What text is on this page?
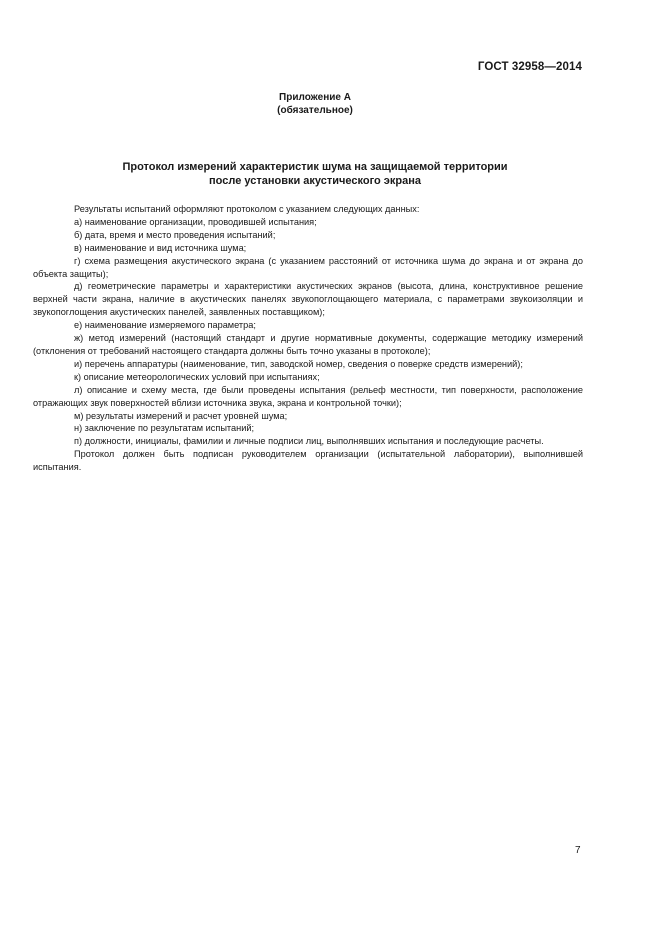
ГОСТ 32958—2014
Приложение А
(обязательное)
Протокол измерений характеристик шума на защищаемой территории
после установки акустического экрана

Результаты испытаний оформляют протоколом с указанием следующих данных:

а) наименование организации, проводившей испытания;

б) дата, время и место проведения испытаний;

в) наименование и вид источника шума;

г) схема размещения акустического экрана (с указанием расстояний от источника шума до экрана и от экрана до объекта защиты);

д) геометрические параметры и характеристики акустических экранов (высота, длина, конструктивное решение верхней части экрана, наличие в акустических панелях звукопоглощающего материала, с параметрами звукоизоляции и звукопоглощения акустических панелей, заявленных поставщиком);

е) наименование измеряемого параметра;

ж) метод измерений (настоящий стандарт и другие нормативные документы, содержащие методику измерений (отклонения от требований настоящего стандарта должны быть точно указаны в протоколе);

и) перечень аппаратуры (наименование, тип, заводской номер, сведения о поверке средств измерений);

к) описание метеорологических условий при испытаниях;

л) описание и схему места, где были проведены испытания (рельеф местности, тип поверхности, расположение отражающих звук поверхностей вблизи источника звука, экрана и контрольной точки);

м) результаты измерений и расчет уровней шума;

н) заключение по результатам испытаний;

п) должности, инициалы, фамилии и личные подписи лиц, выполнявших испытания и последующие расчеты.

Протокол должен быть подписан руководителем организации (испытательной лаборатории), выполнившей испытания.

7
